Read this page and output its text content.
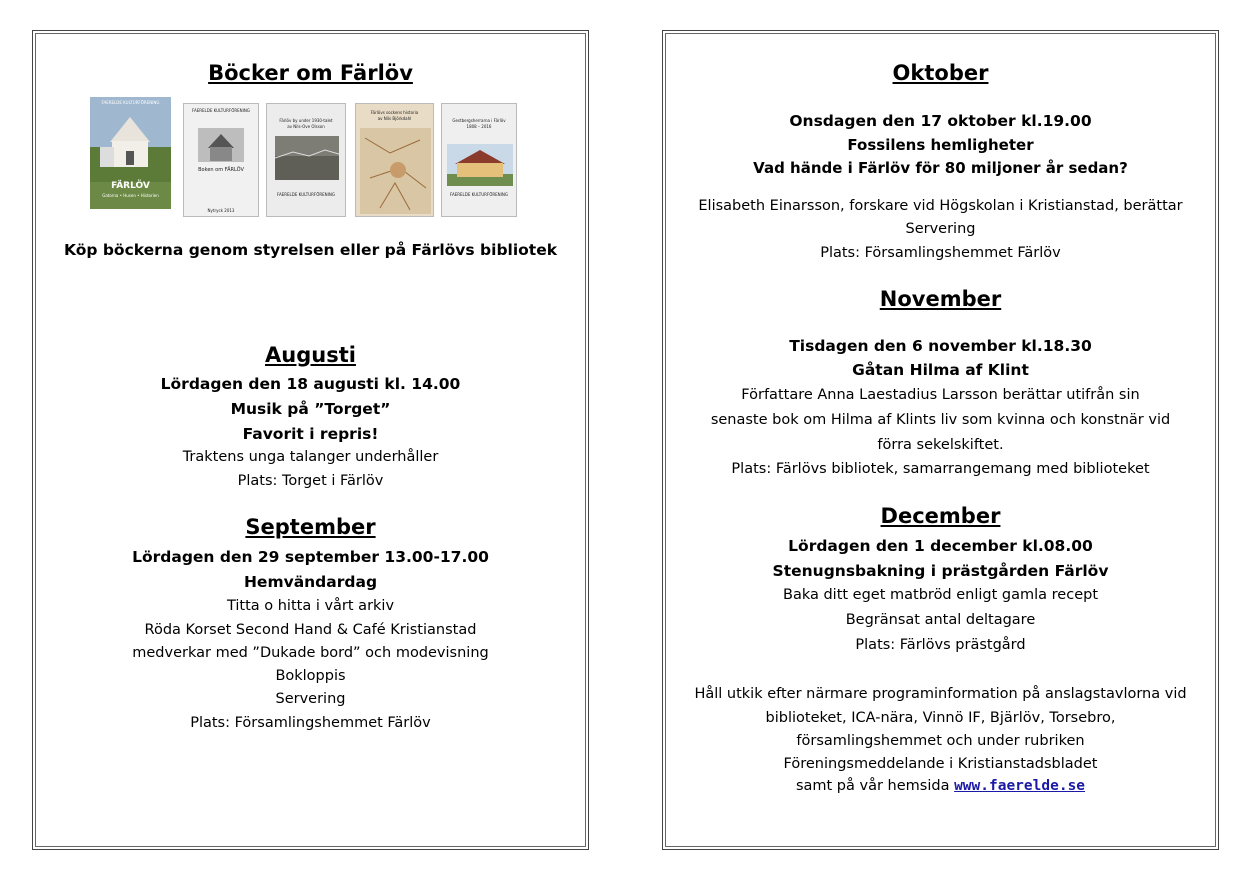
Böcker om Färlöv
FAERELDE KULTURFÖRENING
FÄRLÖV
Gatorna • Husen • Historien
FAERELDE KULTURFÖRENING
Boken om FÄRLÖV
Nytryck 2013
Färlöv by under 1930-talet
av Nils-Ove Olsson
FAERELDE KULTURFÖRENING
Färlövs sockens historia
av Nils Björkdahl	Gestbergsherrarna i Färlöv
1808 – 2016
FAERELDE KULTURFÖRENING
Köp böckerna genom styrelsen eller på Färlövs bibliotek
Augusti
Lördagen den 18 augusti kl. 14.00
Musik på ”Torget”
Favorit i repris!
Traktens unga talanger underhåller
Plats: Torget i Färlöv
September
Lördagen den 29 september 13.00-17.00
Hemvändardag
Titta o hitta i vårt arkiv
Röda Korset Second Hand & Café Kristianstad
medverkar med ”Dukade bord” och modevisning
Bokloppis
Servering
Plats: Församlingshemmet Färlöv
Oktober
Onsdagen den 17 oktober kl.19.00
Fossilens hemligheter
Vad hände i Färlöv för 80 miljoner år sedan?
Elisabeth Einarsson, forskare vid Högskolan i Kristianstad, berättar
Servering
Plats: Församlingshemmet Färlöv
November
Tisdagen den 6 november kl.18.30
Gåtan Hilma af Klint
Författare Anna Laestadius Larsson berättar utifrån sin
senaste bok om Hilma af Klints liv som kvinna och konstnär vid
förra sekelskiftet.
Plats: Färlövs bibliotek, samarrangemang med biblioteket
December
Lördagen den 1 december kl.08.00
Stenugnsbakning i prästgården Färlöv
Baka ditt eget matbröd enligt gamla recept
Begränsat antal deltagare
Plats: Färlövs prästgård
Håll utkik efter närmare programinformation på anslagstavlorna vid
biblioteket, ICA-nära, Vinnö IF, Bjärlöv, Torsebro,
församlingshemmet och under rubriken
Föreningsmeddelande i Kristianstadsbladet
samt på vår hemsida www.faerelde.se
